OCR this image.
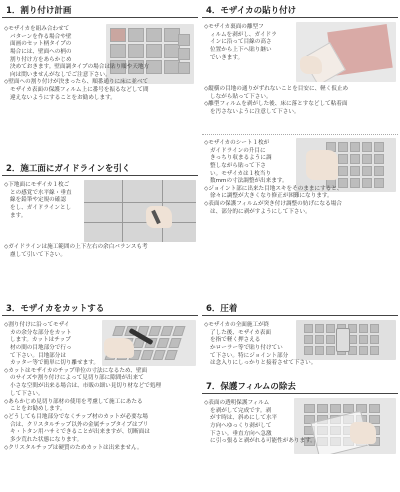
1．割り付け計画

◇モザイカを組み合わせて

パターンを作る場合や壁

面画のセット柄タイプの

場合には、壁面への柄の

割り付け方をあらかじめ

決めておきます。壁面調タイプの場合は貼り順や天地方

向は問いませんがなしでご注意下さい。

◇壁面への割り付けが決まったら、順番通りに床に並べて

モザイカ表面の保護フィルム上に番号を振るなどして間

違えないようにすることをお勧めします。

2．施工面にガイドラインを引く

◇下地面にモザイカ１枚ご

との感覚で水平線・垂直

線を鉛筆や定規の確認

をし、ガイドラインとし

ます。

◇ガイドラインは施工範囲の上下左右の余白バランスも考

慮して引いて下さい。

3．モザイカをカットする

◇割り付けに沿ってモザイ

カの余分な部分をカット

します。カットはチップ

材の間の目地部分で行っ

て下さい。目地部分は

カッター等で簡単に切り離せます。

◇カットはモザイカのチップ単位の寸法になるため、壁面

のサイズや割り付けによって見切り部に隙間が出来て

小さな空間が出来る場合は、市販の細い見切り材などで処理

して下さい。

◇あらかじめ見切り部材の使用を考慮して施工にあたる

ことをお勧めします。

◇どうしても目地部分でなくチップ材のカットが必要な場

合は、クリスタルチップ以外の金属チップタイプはブリ

キ・トタン用ハサミできることが出来ますが、切断面は

多少荒れた状態になります。

◇クリスタルチップは硬質のためカットは出来ません。

4．モザイカの貼り付け

◇モザイカ裏面の離型フ

ィルムを剥がし、ガイドラ

インに沿って目線の高さ

位置から上下へ貼り継い

でいきます。

◇縦横の目地の通りがずれないことを目安に、軽く仮止め

しながら貼って下さい。

◇離型フィルムを剥がした後、床に落とすなどして粘着面

を汚さないように注意して下さい。

◇モザイカのシート１枚が

ガイドラインの升目に

きっちり収まるように調

整しながら貼って下さ

い。モザイカは１枚当り

数mmの寸法調整が出来ます。

◇ジョイント部に出来た目地スキをそのままにすると、

徐々に調整が大きくなり修正が困難になります。

◇表面の保護フィルムが突き付け調整の妨げになる場合

は、部分的に剥がすようにして下さい。

6．圧着

◇モザイカの全面施工が終

了した後、モザイカ表面

を指で軽く押さえる

かローラー等で貼り付けてい

て下さい。特にジョイント部分

は念入りにしっかりと接着させて下さい。

7．保護フィルムの除去

◇表面の透明保護フィルム

を剥がして完成です。剥

がす時は、斜めにして水平

方向へゆっくり剥がして

下さい。垂直方向へ急激

に引っ張ると剥がれる可能性があります。
